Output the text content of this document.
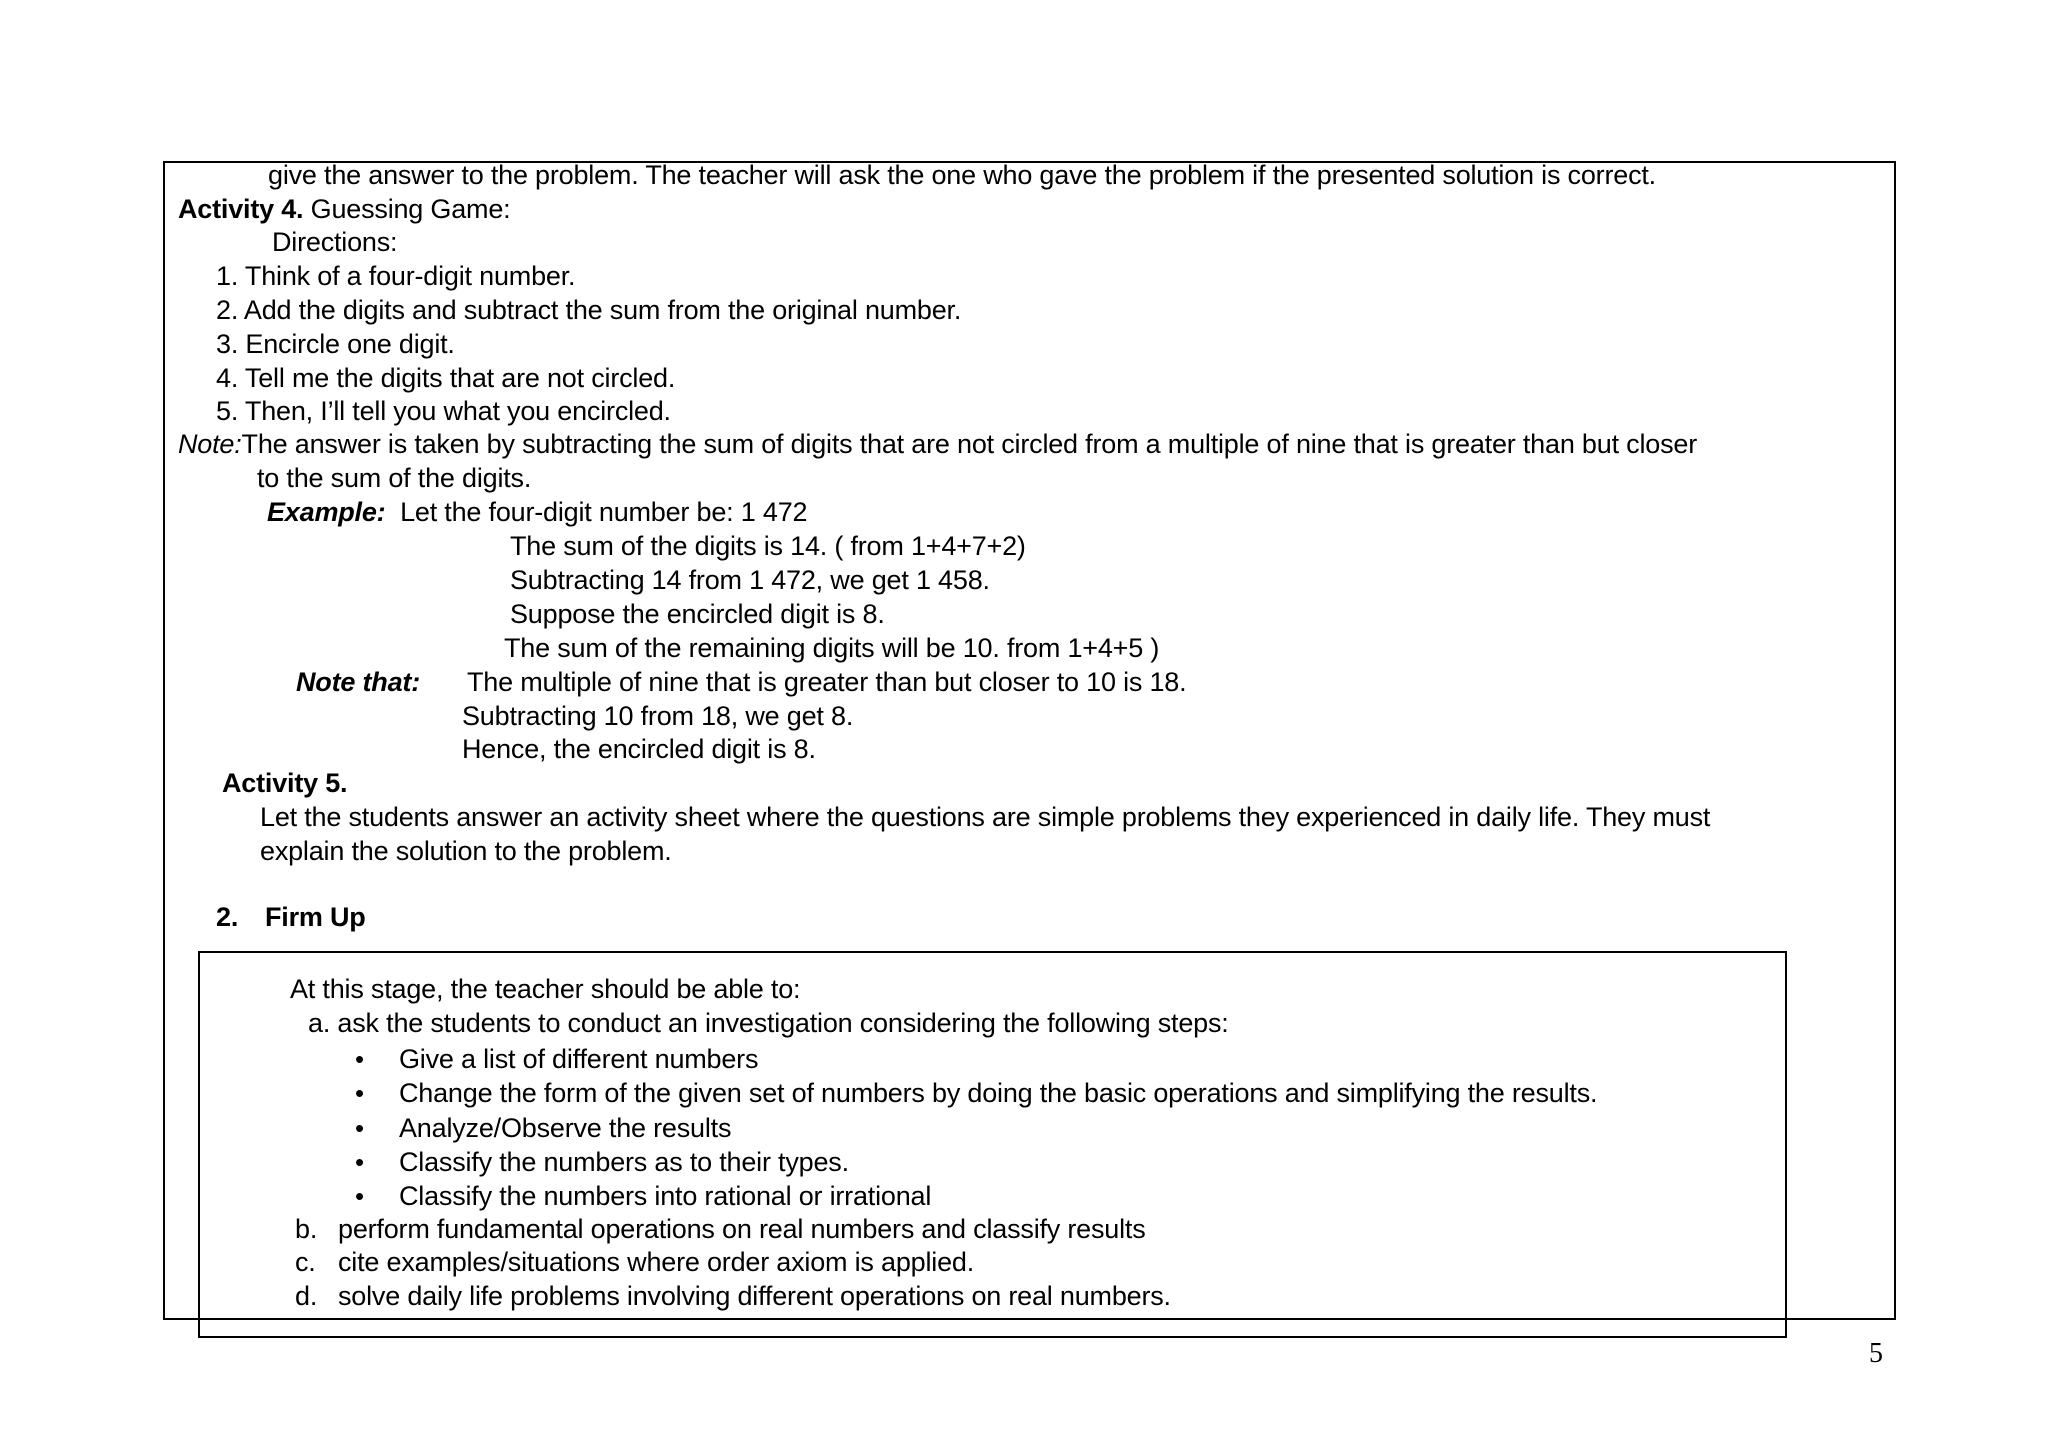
give the answer to the problem. The teacher will ask the one who gave the problem if the presented solution is correct.
Activity 4. Guessing Game:
Directions:
1. Think of a four-digit number.
2. Add the digits and subtract the sum from the original number.
3. Encircle one digit.
4. Tell me the digits that are not circled.
5. Then, I’ll tell you what you encircled.
Note:The answer is taken by subtracting the sum of digits that are not circled from a multiple of nine that is greater than but closer
to the sum of the digits.
Example: Let the four-digit number be: 1 472
The sum of the digits is 14. ( from 1+4+7+2)
Subtracting 14 from 1 472, we get 1 458.
Suppose the encircled digit is 8.
The sum of the remaining digits will be 10. from 1+4+5 )
Note that: The multiple of nine that is greater than but closer to 10 is 18.
Subtracting 10 from 18, we get 8.
Hence, the encircled digit is 8.
Activity 5.
Let the students answer an activity sheet where the questions are simple problems they experienced in daily life. They must
explain the solution to the problem.
2. Firm Up
At this stage, the teacher should be able to:
a. ask the students to conduct an investigation considering the following steps:
• Give a list of different numbers
• Change the form of the given set of numbers by doing the basic operations and simplifying the results.
• Analyze/Observe the results
• Classify the numbers as to their types.
• Classify the numbers into rational or irrational
b. perform fundamental operations on real numbers and classify results
c. cite examples/situations where order axiom is applied.
d. solve daily life problems involving different operations on real numbers.
5
